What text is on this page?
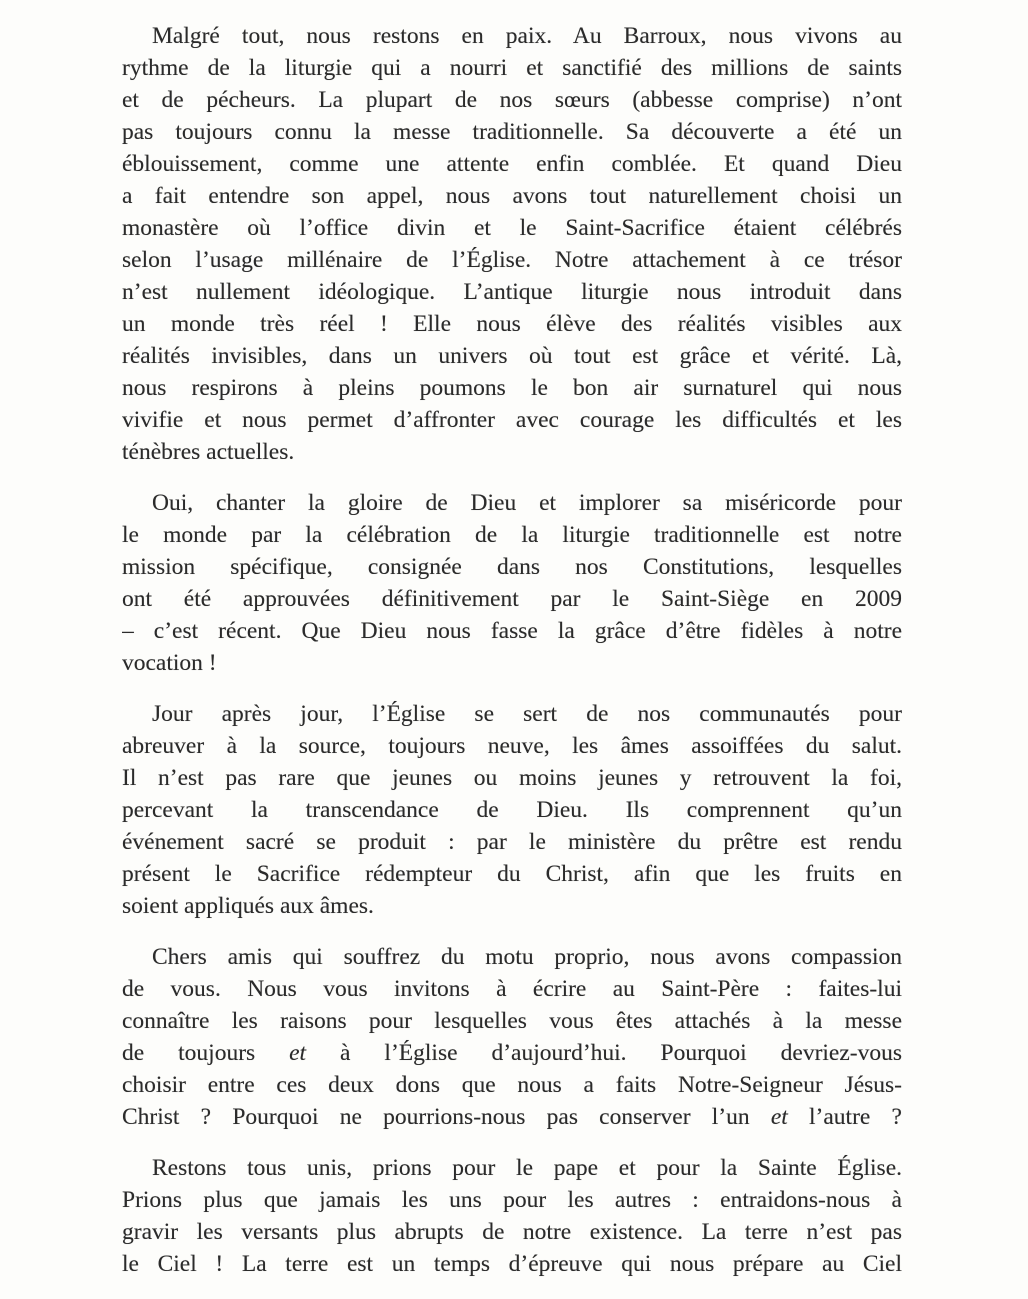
Malgré tout, nous restons en paix. Au Barroux, nous vivons au
rythme de la liturgie qui a nourri et sanctifié des millions de saints
et de pécheurs. La plupart de nos sœurs (abbesse comprise) n’ont
pas toujours connu la messe traditionnelle. Sa découverte a été un
éblouissement, comme une attente enfin comblée. Et quand Dieu
a fait entendre son appel, nous avons tout naturellement choisi un
monastère où l’office divin et le Saint-Sacrifice étaient célébrés
selon l’usage millénaire de l’Église. Notre attachement à ce trésor
n’est nullement idéologique. L’antique liturgie nous introduit dans
un monde très réel ! Elle nous élève des réalités visibles aux
réalités invisibles, dans un univers où tout est grâce et vérité. Là,
nous respirons à pleins poumons le bon air surnaturel qui nous
vivifie et nous permet d’affronter avec courage les difficultés et les
ténèbres actuelles.

Oui, chanter la gloire de Dieu et implorer sa miséricorde pour
le monde par la célébration de la liturgie traditionnelle est notre
mission spécifique, consignée dans nos Constitutions, lesquelles
ont été approuvées définitivement par le Saint-Siège en 2009
– c’est récent. Que Dieu nous fasse la grâce d’être fidèles à notre
vocation !

Jour après jour, l’Église se sert de nos communautés pour
abreuver à la source, toujours neuve, les âmes assoiffées du salut.
Il n’est pas rare que jeunes ou moins jeunes y retrouvent la foi,
percevant la transcendance de Dieu. Ils comprennent qu’un
événement sacré se produit : par le ministère du prêtre est rendu
présent le Sacrifice rédempteur du Christ, afin que les fruits en
soient appliqués aux âmes.

Chers amis qui souffrez du motu proprio, nous avons compassion
de vous. Nous vous invitons à écrire au Saint-Père : faites-lui
connaître les raisons pour lesquelles vous êtes attachés à la messe
de toujours et à l’Église d’aujourd’hui. Pourquoi devriez-vous
choisir entre ces deux dons que nous a faits Notre-Seigneur Jésus-
Christ ? Pourquoi ne pourrions-nous pas conserver l’un et l’autre ?

Restons tous unis, prions pour le pape et pour la Sainte Église.
Prions plus que jamais les uns pour les autres : entraidons-nous à
gravir les versants plus abrupts de notre existence. La terre n’est pas
le Ciel ! La terre est un temps d’épreuve qui nous prépare au Ciel
